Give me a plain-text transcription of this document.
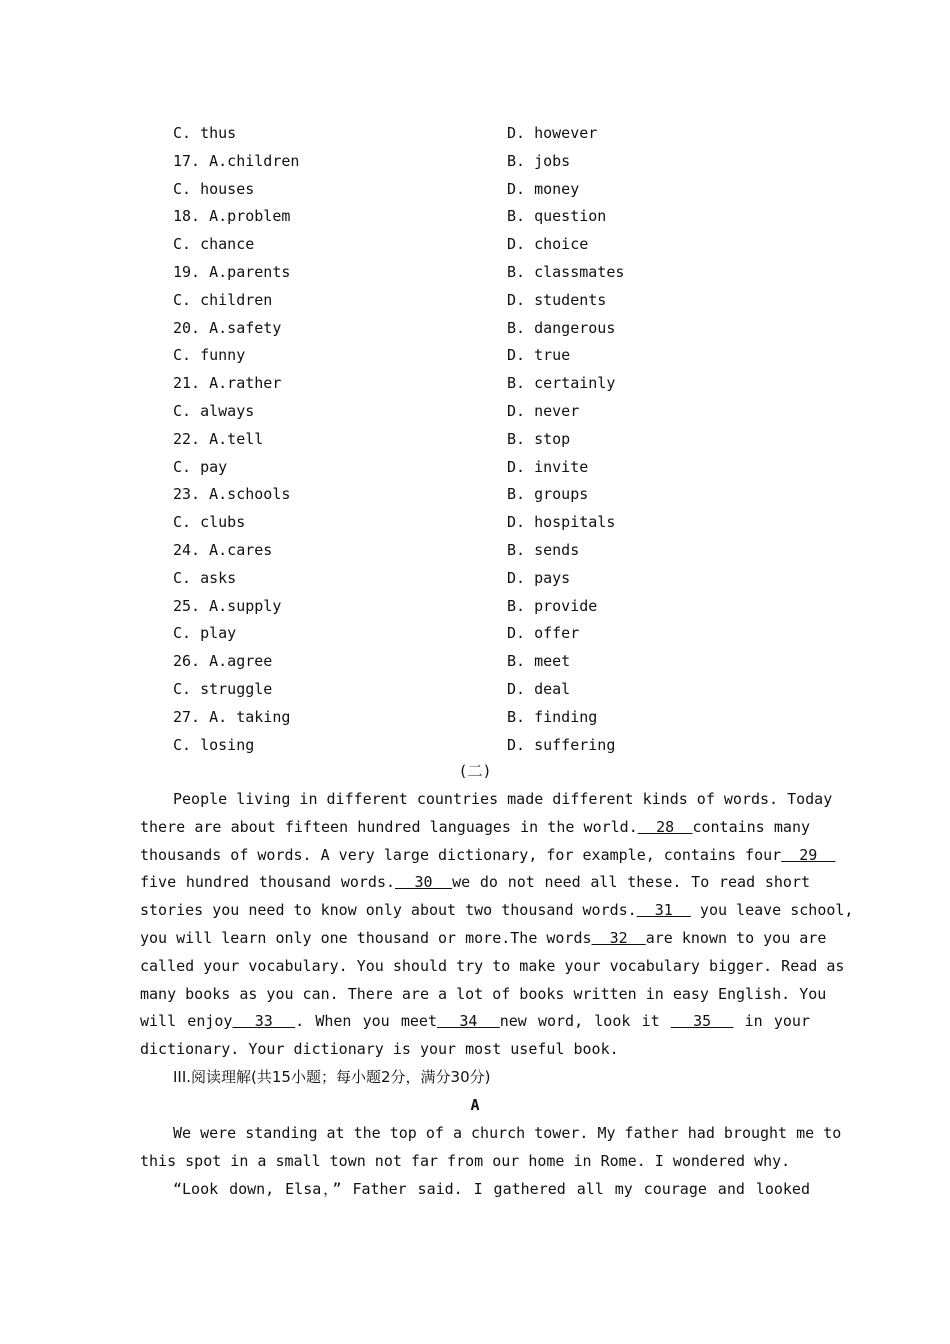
C. thus	D. however
17. A.children	B. jobs
C. houses	D. money
18. A.problem	B. question
C. chance	D. choice
19. A.parents	B. classmates
C. children	D. students
20. A.safety	B. dangerous
C. funny	D. true
21. A.rather	B. certainly
C. always	D. never
22. A.tell	B. stop
C. pay	D. invite
23. A.schools	B. groups
C. clubs	D. hospitals
24. A.cares	B. sends
C. asks	D. pays
25. A.supply	B. provide
C. play	D. offer
26. A.agree	B. meet
C. struggle	D. deal
27. A. taking	B. finding
C. losing	D. suffering
(二)
People living in different countries made different kinds of words. Today
there are about fifteen hundred languages in the world.  28  contains many
thousands of words. A very large dictionary, for example, contains four  29
five hundred thousand words.  30  we do not need all these. To read short
stories you need to know only about two thousand words.  31   you leave school,
you will learn only one thousand or more.The words  32  are known to you are
called your vocabulary. You should try to make your vocabulary bigger. Read as
many books as you can. There are a lot of books written in easy English. You
will enjoy  33  . When you meet  34  new word, look it   35   in your
dictionary. Your dictionary is your most useful book.
III.阅读理解(共15小题；每小题2分，满分30分)
A
We were standing at the top of a church tower. My father had brought me to
this spot in a small town not far from our home in Rome. I wondered why.
“Look down, Elsa，” Father said. I gathered all my courage and looked
